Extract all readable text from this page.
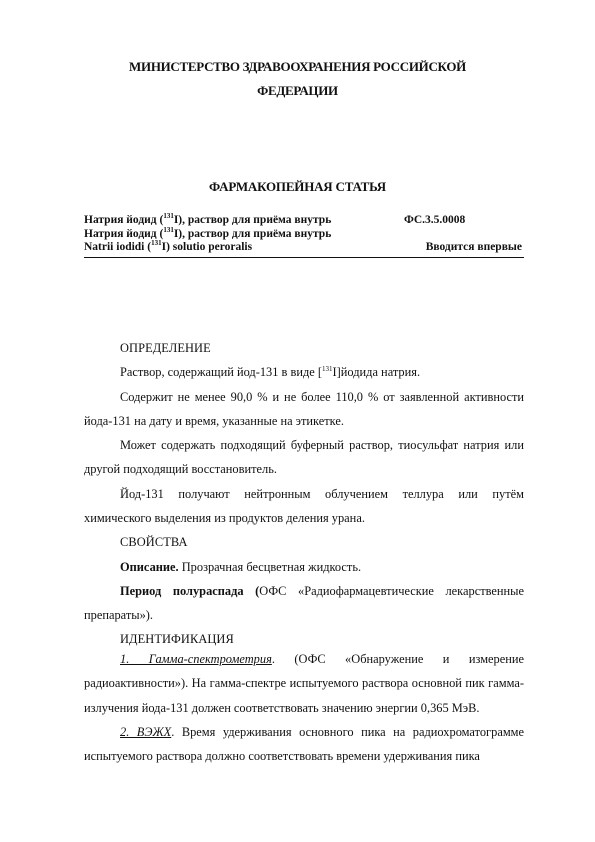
МИНИСТЕРСТВО ЗДРАВООХРАНЕНИЯ РОССИЙСКОЙ
ФЕДЕРАЦИИ
ФАРМАКОПЕЙНАЯ СТАТЬЯ
Натрия йодид ($^{131}$I), раствор для приёма внутрь	ФС.3.5.0008
Натрия йодид ($^{131}$I), раствор для приёма внутрь
Natrii iodidi ($^{131}$I) solutio peroralis	Вводится впервые

ОПРЕДЕЛЕНИЕ

Раствор, содержащий йод-131 в виде [$^{131}$I]йодида натрия.

Содержит не менее 90,0 % и не более 110,0 % от заявленной активности йода-131 на дату и время, указанные на этикетке.

Может содержать подходящий буферный раствор, тиосульфат натрия или другой подходящий восстановитель.

Йод-131 получают нейтронным облучением теллура или путём химического выделения из продуктов деления урана.

СВОЙСТВА

Описание. Прозрачная бесцветная жидкость.

Период полураспада (ОФС «Радиофармацевтические лекарственные препараты»).

ИДЕНТИФИКАЦИЯ

1. Гамма-спектрометрия. (ОФС «Обнаружение и измерение радиоактивности»). На гамма-спектре испытуемого раствора основной пик гамма-излучения йода-131 должен соответствовать значению энергии 0,365 МэВ.

2. ВЭЖХ. Время удерживания основного пика на радиохроматограмме испытуемого раствора должно соответствовать времени удерживания пика
